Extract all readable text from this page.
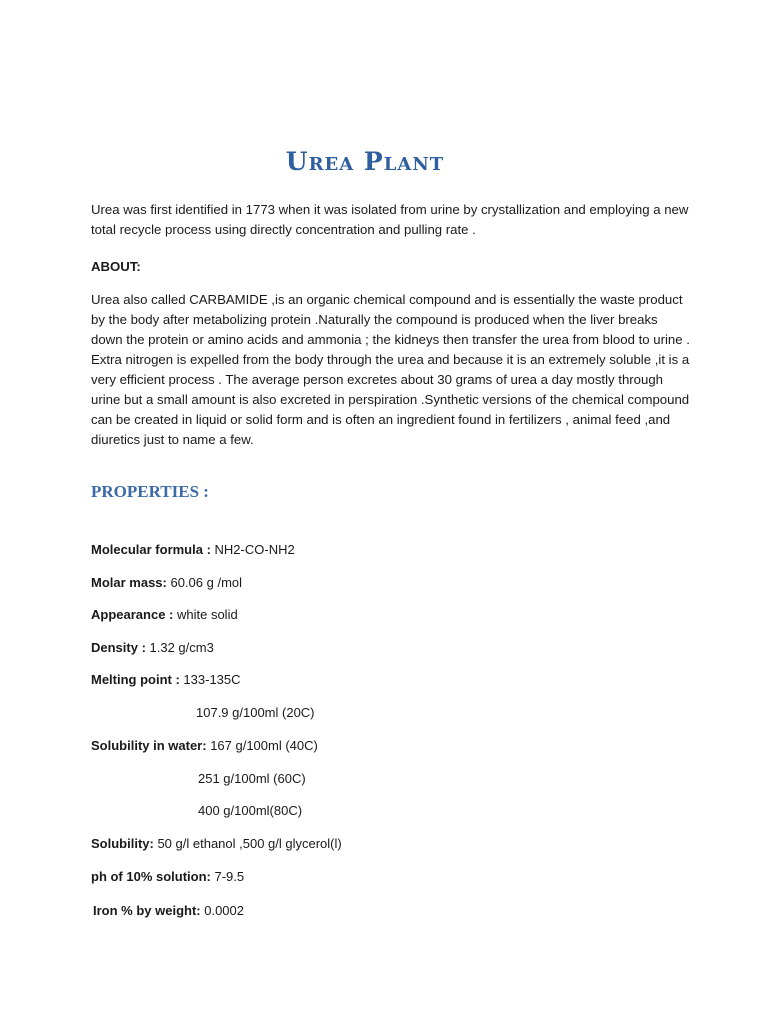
Urea Plant

Urea was first identified in 1773 when it was isolated from urine by crystallization and employing a new total recycle process using directly concentration and pulling rate .

ABOUT:

Urea also called CARBAMIDE ,is an organic chemical compound and is essentially the waste product by the body after metabolizing protein .Naturally the compound is produced when the liver breaks down the protein or amino acids and ammonia ; the kidneys then transfer the urea from blood to urine . Extra nitrogen is expelled from the body through the urea and because it is an extremely soluble ,it is a very efficient process . The average person excretes about 30 grams of urea a day mostly through urine but a small amount is also excreted in perspiration .Synthetic versions of the chemical compound can be created in liquid or solid form and is often an ingredient found in fertilizers , animal feed ,and diuretics just to name a few.

PROPERTIES :

Molecular formula : NH2-CO-NH2

Molar mass: 60.06 g /mol

Appearance : white solid

Density : 1.32 g/cm3

Melting point : 133-135C

107.9 g/100ml (20C)

Solubility in water: 167 g/100ml (40C)

251 g/100ml (60C)

400 g/100ml(80C)

Solubility: 50 g/l ethanol ,500 g/l glycerol(l)

ph of 10% solution: 7-9.5

Iron % by weight: 0.0002
